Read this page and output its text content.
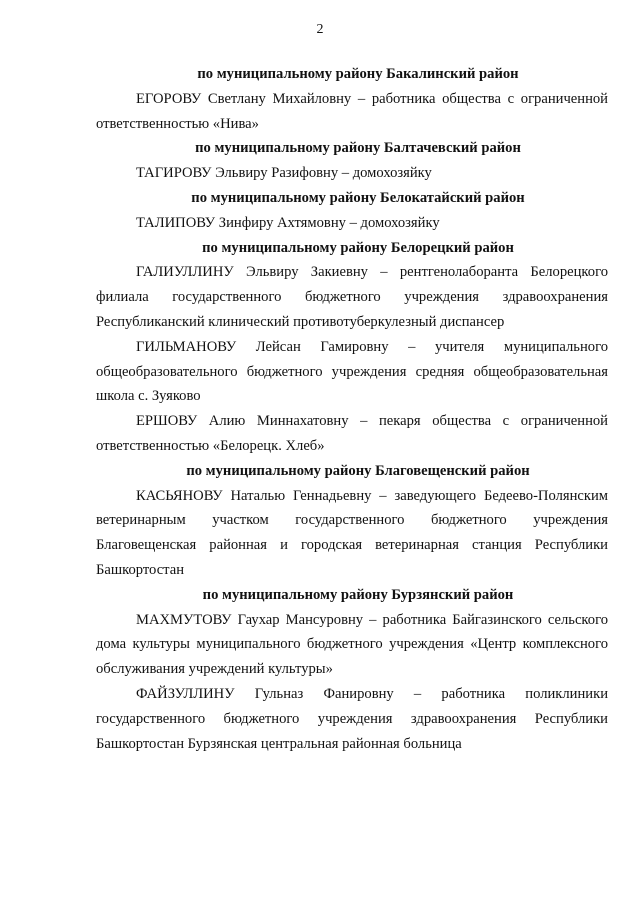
2

по муниципальному району Бакалинский район

ЕГОРОВУ Светлану Михайловну – работника общества с ограниченной ответственностью «Нива»

по муниципальному району Балтачевский район

ТАГИРОВУ Эльвиру Разифовну – домохозяйку

по муниципальному району Белокатайский район

ТАЛИПОВУ Зинфиру Ахтямовну – домохозяйку

по муниципальному району Белорецкий район

ГАЛИУЛЛИНУ Эльвиру Закиевну – рентгенолаборанта Белорецкого филиала государственного бюджетного учреждения здравоохранения Республиканский клинический противотуберкулезный диспансер

ГИЛЬМАНОВУ Лейсан Гамировну – учителя муниципального общеобразовательного бюджетного учреждения средняя общеобразовательная школа с. Зуяково

ЕРШОВУ Алию Миннахатовну – пекаря общества с ограниченной ответственностью «Белорецк. Хлеб»

по муниципальному району Благовещенский район

КАСЬЯНОВУ Наталью Геннадьевну – заведующего Бедеево-Полянским ветеринарным участком государственного бюджетного учреждения Благовещенская районная и городская ветеринарная станция Республики Башкортостан

по муниципальному району Бурзянский район

МАХМУТОВУ Гаухар Мансуровну – работника Байгазинского сельского дома культуры муниципального бюджетного учреждения «Центр комплексного обслуживания учреждений культуры»

ФАЙЗУЛЛИНУ Гульназ Фанировну – работника поликлиники государственного бюджетного учреждения здравоохранения Республики Башкортостан Бурзянская центральная районная больница
